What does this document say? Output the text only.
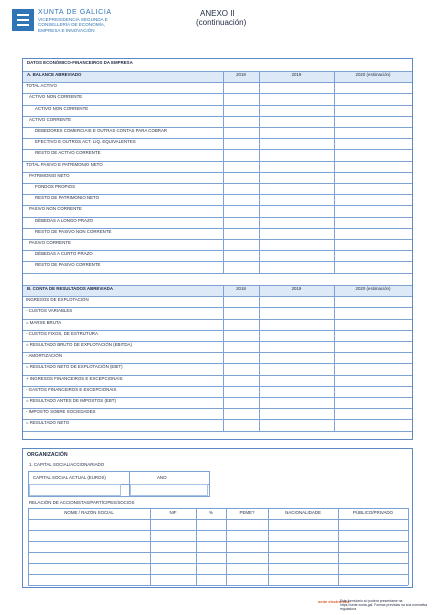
XUNTA DE GALICIA
VICEPRESIDENCIA SEGUNDA E
CONSELLERÍA DE ECONOMÍA,
EMPRESA E INNOVACIÓN
ANEXO II
(continuación)
DATOS ECONÓMICO-FINANCEIROS DA EMPRESA
A. BALANCE ABREVIADO	2018	2019	2020 (estimación)
TOTAL ACTIVO
ACTIVO NON CORRENTE
ACTIVO NON CORRENTE
ACTIVO CORRENTE
DEBEDORES COMERCIAIS E OUTRAS CONTAS PARA COBRAR
EFECTIVO E OUTROS ACT. LIQ. EQUIVALENTES
RESTO DE ACTIVO CORRENTE
TOTAL PASIVO E PATRIMONIO NETO
PATRIMONIO NETO
FONDOS PROPIOS
RESTO DE PATRIMONIO NETO
PASIVO NON CORRENTE
DÉBEDAS A LONGO PRAZO
RESTO DE PASIVO NON CORRENTE
PASIVO CORRENTE
DÉBEDAS A CURTO PRAZO
RESTO DE PASIVO CORRENTE
B. CONTA DE RESULTADOS ABREVIADA	2018	2019	2020 (estimación)
INGRESOS DE EXPLOTACIÓN
- CUSTOS VARIABLES
= MARXE BRUTA
- CUSTOS FIXOS, DE ESTRUTURA
= RESULTADO BRUTO DE EXPLOTACIÓN (EBITDA)
- AMORTIZACIÓN
= RESULTADO NETO DE EXPLOTACIÓN (EBIT)
+ INGRESOS FINANCEIROS E EXCEPCIONAIS
- GASTOS FINANCEIROS E EXCEPCIONAIS
= RESULTADO ANTES DE IMPOSTOS (EBT)
- IMPOSTO SOBRE SOCIEDADES
= RESULTADO NETO
ORGANIZACIÓN
1. CAPITAL SOCIAL/ACCIONARIADO
CAPITAL SOCIAL ACTUAL (EUROS)	ANO
RELACIÓN DE ACCIONISTAS/PARTÍCIPES/SOCIOS
NOME / RAZÓN SOCIAL	NIF	%	PEME?	NACIONALIDADE	PÚBLICO/PRIVADO
sede electrónica
Este formulario só poderá presentarse na
https://sede.xunta.gal. Formas previstas na súa normativa reguladora
